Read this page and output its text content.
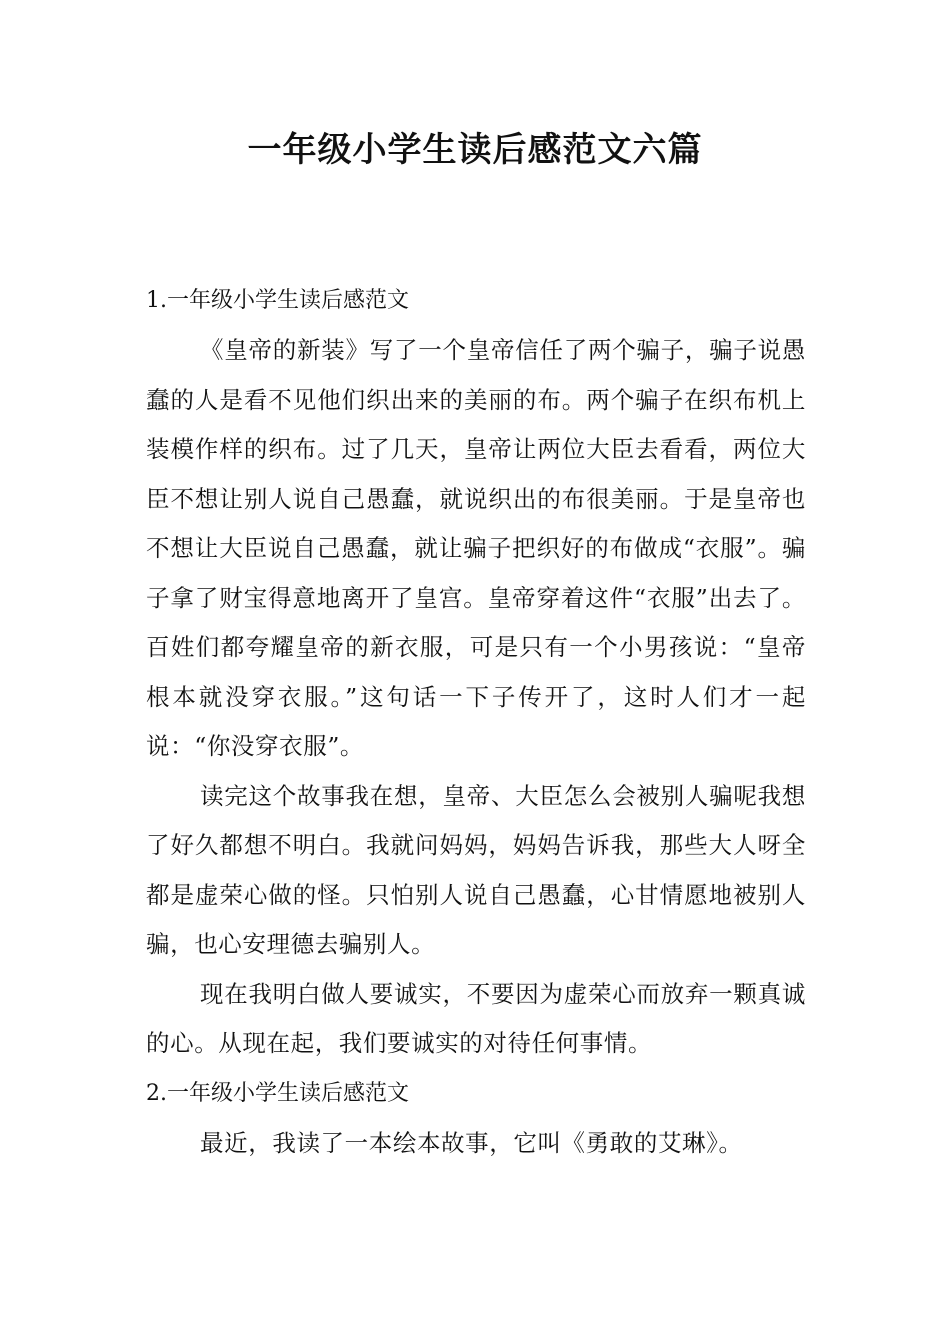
一年级小学生读后感范文六篇

1.一年级小学生读后感范文

《皇帝的新装》写了一个皇帝信任了两个骗子，骗子说愚蠢的人是看不见他们织出来的美丽的布。两个骗子在织布机上装模作样的织布。过了几天，皇帝让两位大臣去看看，两位大臣不想让别人说自己愚蠢，就说织出的布很美丽。于是皇帝也不想让大臣说自己愚蠢，就让骗子把织好的布做成“衣服”。骗子拿了财宝得意地离开了皇宫。皇帝穿着这件“衣服”出去了。百姓们都夸耀皇帝的新衣服，可是只有一个小男孩说：“皇帝根本就没穿衣服。”这句话一下子传开了，这时人们才一起说：“你没穿衣服”。

读完这个故事我在想，皇帝、大臣怎么会被别人骗呢我想了好久都想不明白。我就问妈妈，妈妈告诉我，那些大人呀全都是虚荣心做的怪。只怕别人说自己愚蠢，心甘情愿地被别人骗，也心安理德去骗别人。

现在我明白做人要诚实，不要因为虚荣心而放弃一颗真诚的心。从现在起，我们要诚实的对待任何事情。

2.一年级小学生读后感范文

最近，我读了一本绘本故事，它叫《勇敢的艾琳》。
